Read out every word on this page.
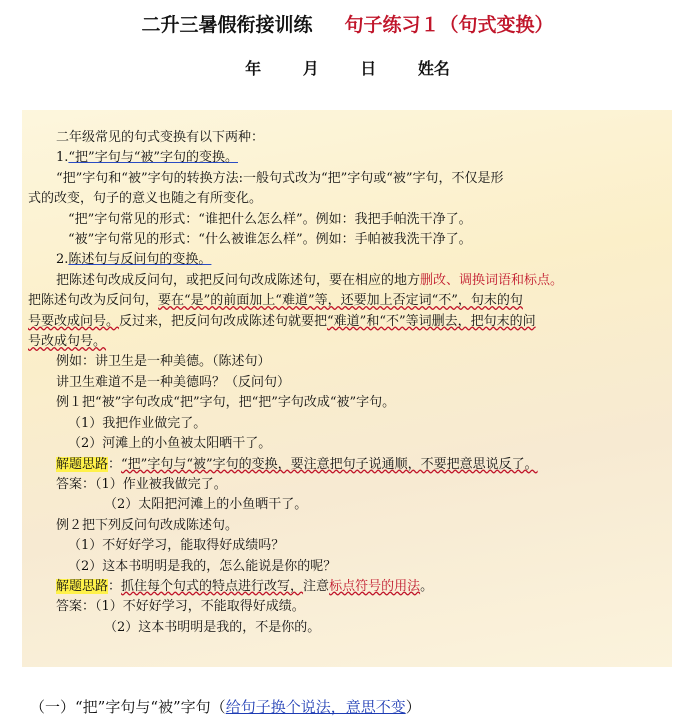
二升三暑假衔接训练 句子练习１（句式变换）
年	月	日	姓名
二年级常见的句式变换有以下两种：
1.“把”字句与“被”字句的变换。
“把”字句和“被”字句的转换方法:一般句式改为“把”字句或“被”字句，不仅是形
式的改变，句子的意义也随之有所变化。
“把”字句常见的形式：“谁把什么怎么样”。例如：我把手帕洗干净了。
“被”字句常见的形式：“什么被谁怎么样”。例如：手帕被我洗干净了。
2.陈述句与反问句的变换。
把陈述句改成反问句，或把反问句改成陈述句，要在相应的地方删改、调换词语和标点。
把陈述句改为反问句，要在“是”的前面加上“难道”等，还要加上否定词“不”，句末的句
号要改成问号。反过来，把反问句改成陈述句就要把“难道”和“不”等词删去，把句末的问
号改成句号。
例如：讲卫生是一种美德。（陈述句）
讲卫生难道不是一种美德吗？（反问句）
例１把“被”字句改成“把”字句，把“把”字句改成“被”字句。
（1）我把作业做完了。
（2）河滩上的小鱼被太阳晒干了。
解题思路：“把”字句与“被”字句的变换，要注意把句子说通顺，不要把意思说反了。
答案：（1）作业被我做完了。
（2）太阳把河滩上的小鱼晒干了。
例２把下列反问句改成陈述句。
（1）不好好学习，能取得好成绩吗？
（2）这本书明明是我的，怎么能说是你的呢？
解题思路：抓住每个句式的特点进行改写，注意标点符号的用法。
答案：（1）不好好学习，不能取得好成绩。
（2）这本书明明是我的，不是你的。
（一）“把”字句与“被”字句（给句子换个说法，意思不变）
